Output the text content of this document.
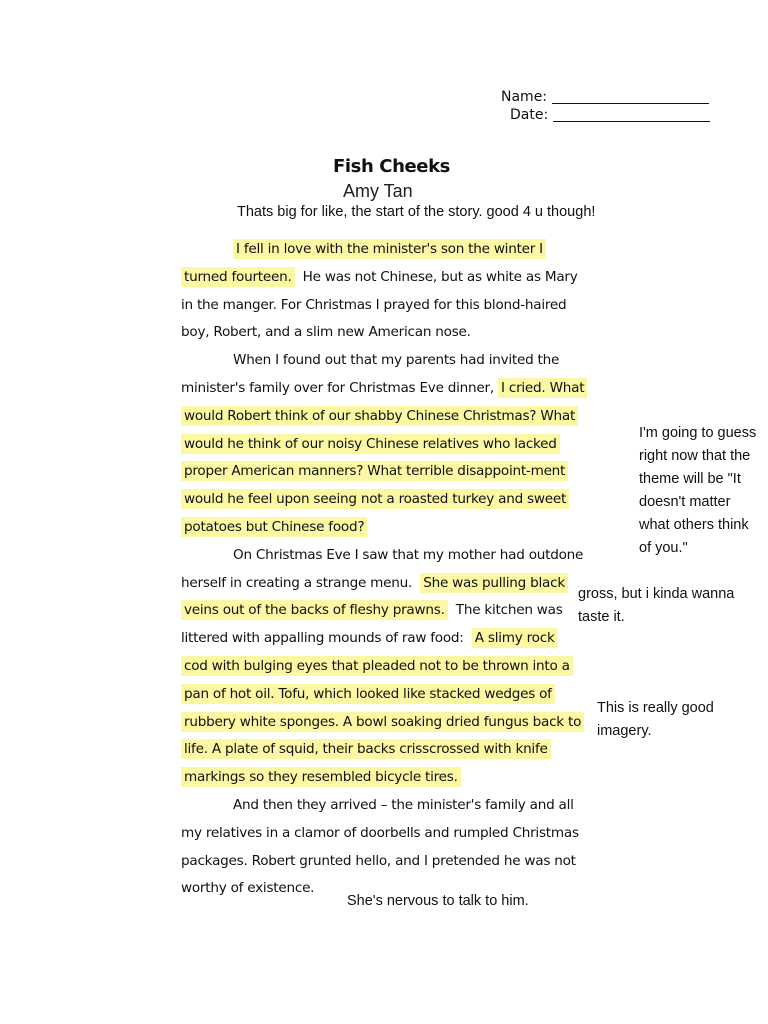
Name:
Date:
Fish Cheeks
Amy Tan
Thats big for like, the start of the story. good 4 u though!
I fell in love with the minister's son the winter I
turned fourteen.  He was not Chinese, but as white as Mary
in the manger. For Christmas I prayed for this blond-haired
boy, Robert, and a slim new American nose.
When I found out that my parents had invited the
minister's family over for Christmas Eve dinner, I cried. What
would Robert think of our shabby Chinese Christmas? What
would he think of our noisy Chinese relatives who lacked
proper American manners? What terrible disappoint-ment
would he feel upon seeing not a roasted turkey and sweet
potatoes but Chinese food?
On Christmas Eve I saw that my mother had outdone
herself in creating a strange menu.  She was pulling black
veins out of the backs of fleshy prawns.  The kitchen was
littered with appalling mounds of raw food:  A slimy rock
cod with bulging eyes that pleaded not to be thrown into a
pan of hot oil. Tofu, which looked like stacked wedges of
rubbery white sponges. A bowl soaking dried fungus back to
life. A plate of squid, their backs crisscrossed with knife
markings so they resembled bicycle tires.
And then they arrived – the minister's family and all
my relatives in a clamor of doorbells and rumpled Christmas
packages. Robert grunted hello, and I pretended he was not
worthy of existence.
I'm going to guess
right now that the
theme will be "It
doesn't matter
what others think
of you."
gross, but i kinda wanna
taste it.
This is really good
imagery.
She's nervous to talk to him.
